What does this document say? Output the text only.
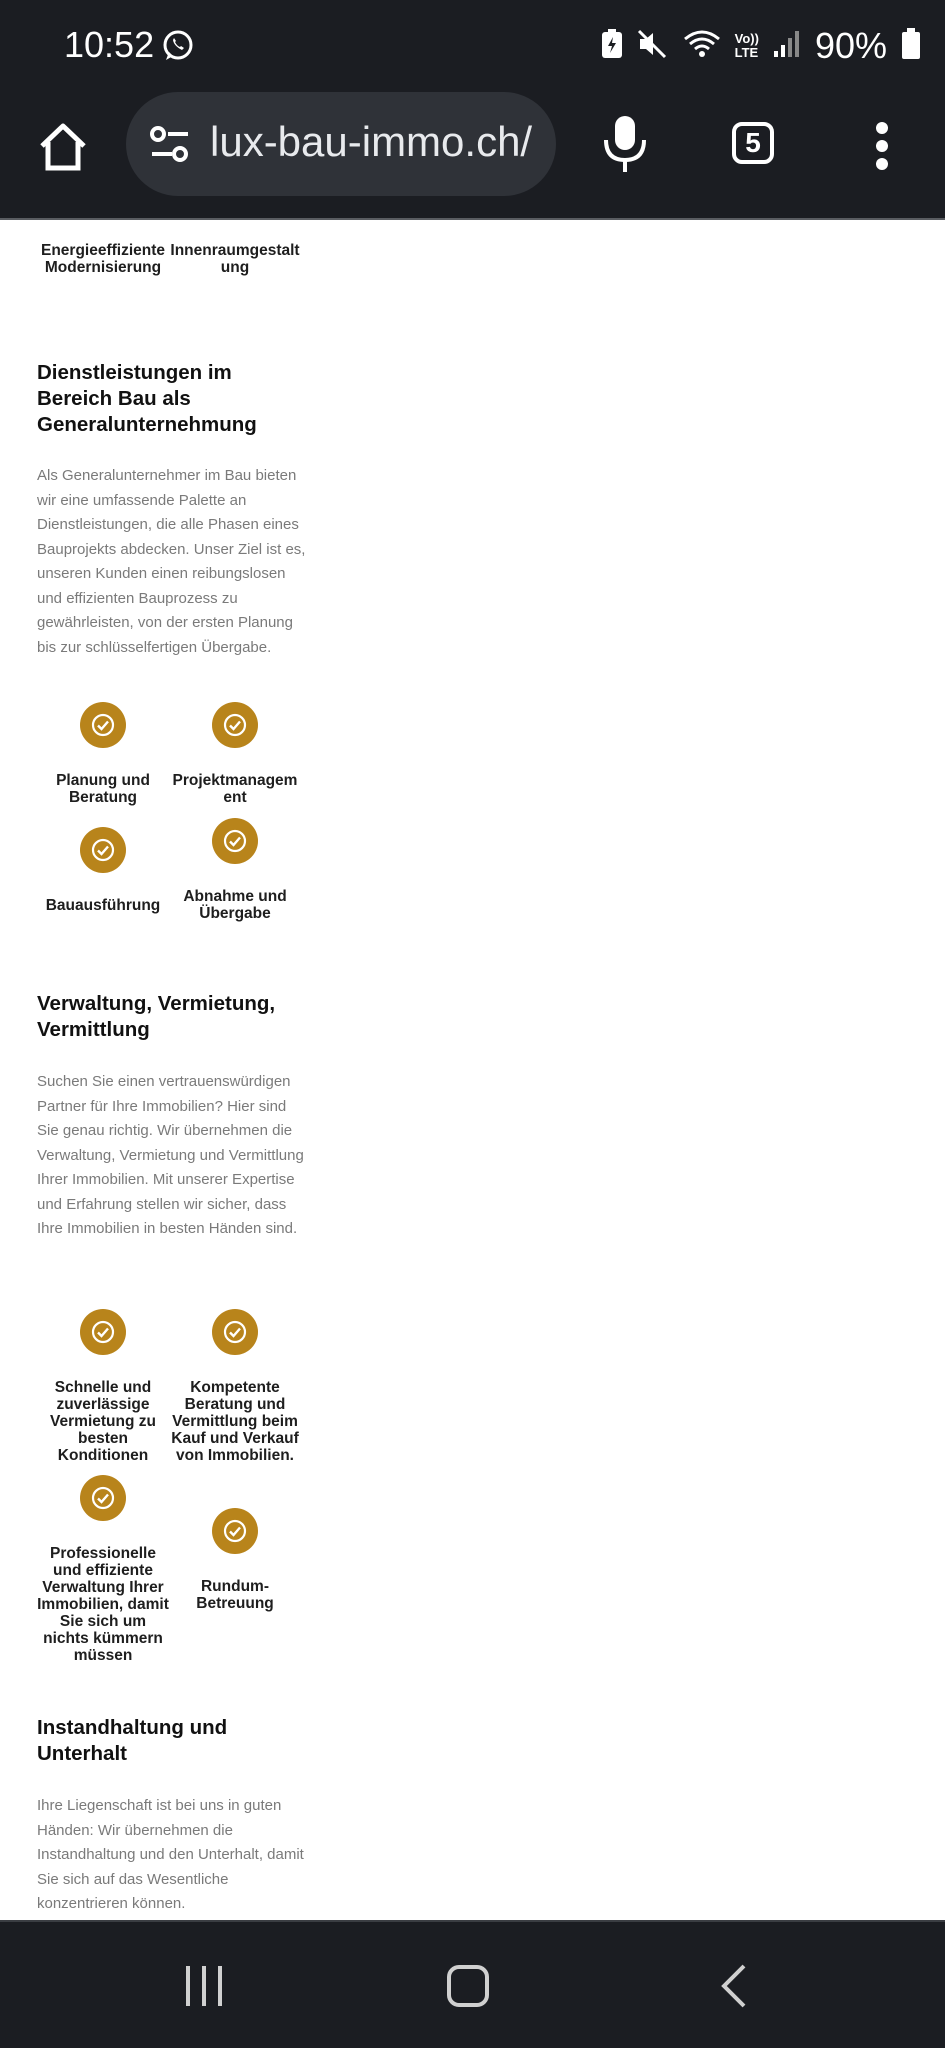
10:52	Vo))
LTE 90%
lux-bau-immo.ch/	5
Energieeffiziente Modernisierung
Innenraumgestalt ung
Dienstleistungen im Bereich Bau als Generalunternehmung

Als Generalunternehmer im Bau bieten wir eine umfassende Palette an Dienstleistungen, die alle Phasen eines Bauprojekts abdecken. Unser Ziel ist es, unseren Kunden einen reibungslosen und effizienten Bauprozess zu gewährleisten, von der ersten Planung bis zur schlüsselfertigen Übergabe.

Planung und Beratung
Projektmanagem ent
Bauausführung
Abnahme und Übergabe
Verwaltung, Vermietung, Vermittlung

Suchen Sie einen vertrauenswürdigen Partner für Ihre Immobilien? Hier sind Sie genau richtig. Wir übernehmen die Verwaltung, Vermietung und Vermittlung Ihrer Immobilien. Mit unserer Expertise und Erfahrung stellen wir sicher, dass Ihre Immobilien in besten Händen sind.

Schnelle und zuverlässige Vermietung zu besten Konditionen
Kompetente Beratung und Vermittlung beim Kauf und Verkauf von Immobilien.
Professionelle und effiziente Verwaltung Ihrer Immobilien, damit Sie sich um nichts kümmern müssen
Rundum-Betreuung
Instandhaltung und Unterhalt

Ihre Liegenschaft ist bei uns in guten Händen: Wir übernehmen die Instandhaltung und den Unterhalt, damit Sie sich auf das Wesentliche konzentrieren können.
